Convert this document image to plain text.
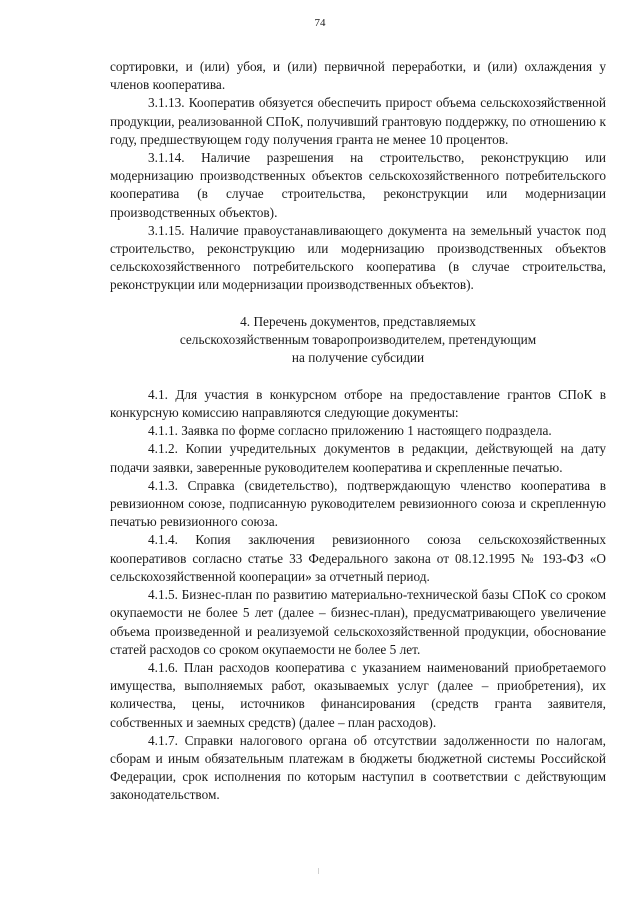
74

сортировки, и (или) убоя, и (или) первичной переработки, и (или) охлаждения у членов кооператива.

3.1.13. Кооператив обязуется обеспечить прирост объема сельскохозяйственной продукции, реализованной СПоК, получивший грантовую поддержку, по отношению к году, предшествующем году получения гранта не менее 10 процентов.

3.1.14. Наличие разрешения на строительство, реконструкцию или модернизацию производственных объектов сельскохозяйственного потребительского кооператива (в случае строительства, реконструкции или модернизации производственных объектов).

3.1.15. Наличие правоустанавливающего документа на земельный участок под строительство, реконструкцию или модернизацию производственных объектов сельскохозяйственного потребительского кооператива (в случае строительства, реконструкции или модернизации производственных объектов).

4. Перечень документов, представляемых
сельскохозяйственным товаропроизводителем, претендующим
на получение субсидии

4.1. Для участия в конкурсном отборе на предоставление грантов СПоК в конкурсную комиссию направляются следующие документы:

4.1.1. Заявка по форме согласно приложению 1 настоящего подраздела.

4.1.2. Копии учредительных документов в редакции, действующей на дату подачи заявки, заверенные руководителем кооператива и скрепленные печатью.

4.1.3. Справка (свидетельство), подтверждающую членство кооператива в ревизионном союзе, подписанную руководителем ревизионного союза и скрепленную печатью ревизионного союза.

4.1.4. Копия заключения ревизионного союза сельскохозяйственных кооперативов согласно статье 33 Федерального закона от 08.12.1995 № 193-ФЗ «О сельскохозяйственной кооперации» за отчетный период.

4.1.5. Бизнес-план по развитию материально-технической базы СПоК со сроком окупаемости не более 5 лет (далее – бизнес-план), предусматривающего увеличение объема произведенной и реализуемой сельскохозяйственной продукции, обоснование статей расходов со сроком окупаемости не более 5 лет.

4.1.6. План расходов кооператива с указанием наименований приобретаемого имущества, выполняемых работ, оказываемых услуг (далее – приобретения), их количества, цены, источников финансирования (средств гранта заявителя, собственных и заемных средств) (далее – план расходов).

4.1.7. Справки налогового органа об отсутствии задолженности по налогам, сборам и иным обязательным платежам в бюджеты бюджетной системы Российской Федерации, срок исполнения по которым наступил в соответствии с действующим законодательством.
